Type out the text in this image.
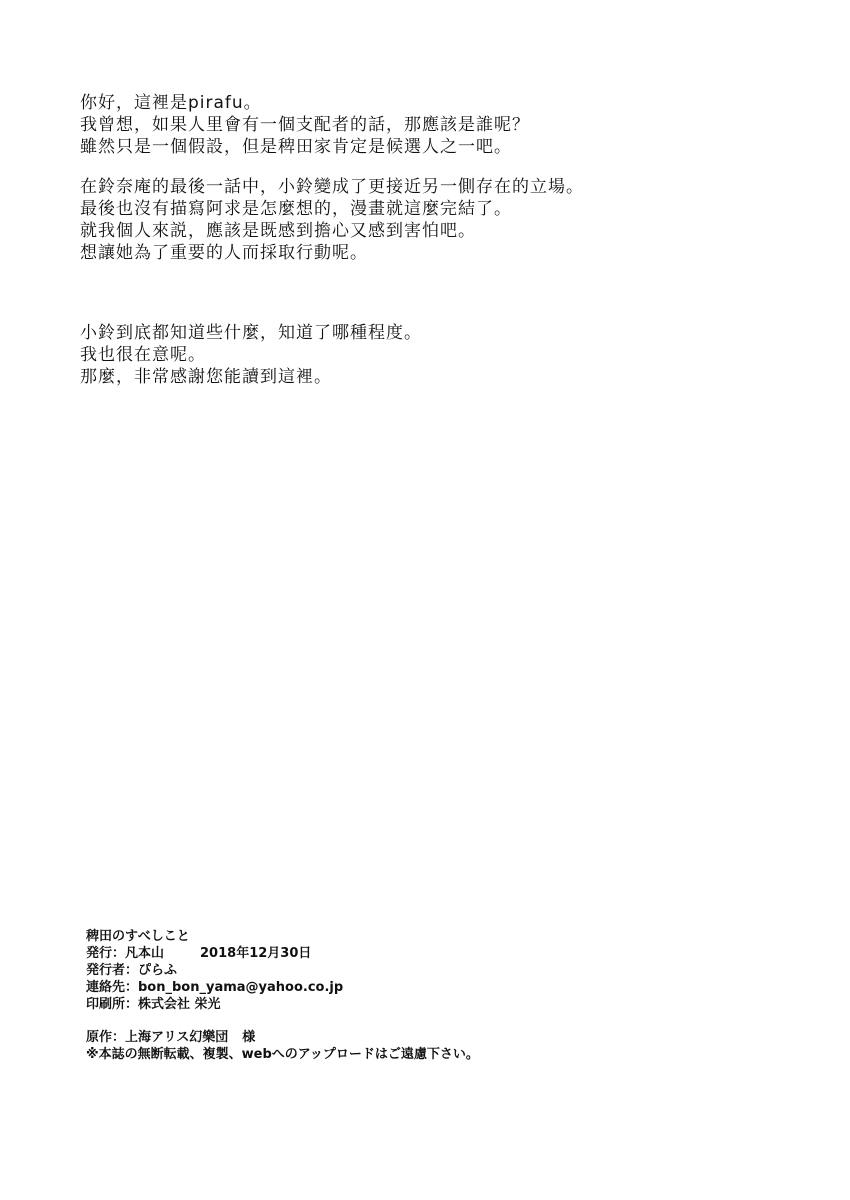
你好，這裡是pirafu。

我曾想，如果人里會有一個支配者的話，那應該是誰呢？

雖然只是一個假設，但是稗田家肯定是候選人之一吧。

在鈴奈庵的最後一話中，小鈴變成了更接近另一側存在的立場。

最後也沒有描寫阿求是怎麼想的，漫畫就這麼完結了。

就我個人來説，應該是既感到擔心又感到害怕吧。

想讓她為了重要的人而採取行動呢。

小鈴到底都知道些什麼，知道了哪種程度。

我也很在意呢。

那麼，非常感謝您能讀到這裡。

稗田のすべしこと

発行：凡本山	2018年12月30日

発行者：ぴらふ

連絡先：bon_bon_yama@yahoo.co.jp

印刷所：株式会社 栄光

原作：上海アリス幻樂団 様

※本誌の無断転載、複製、webへのアップロードはご遠慮下さい。
